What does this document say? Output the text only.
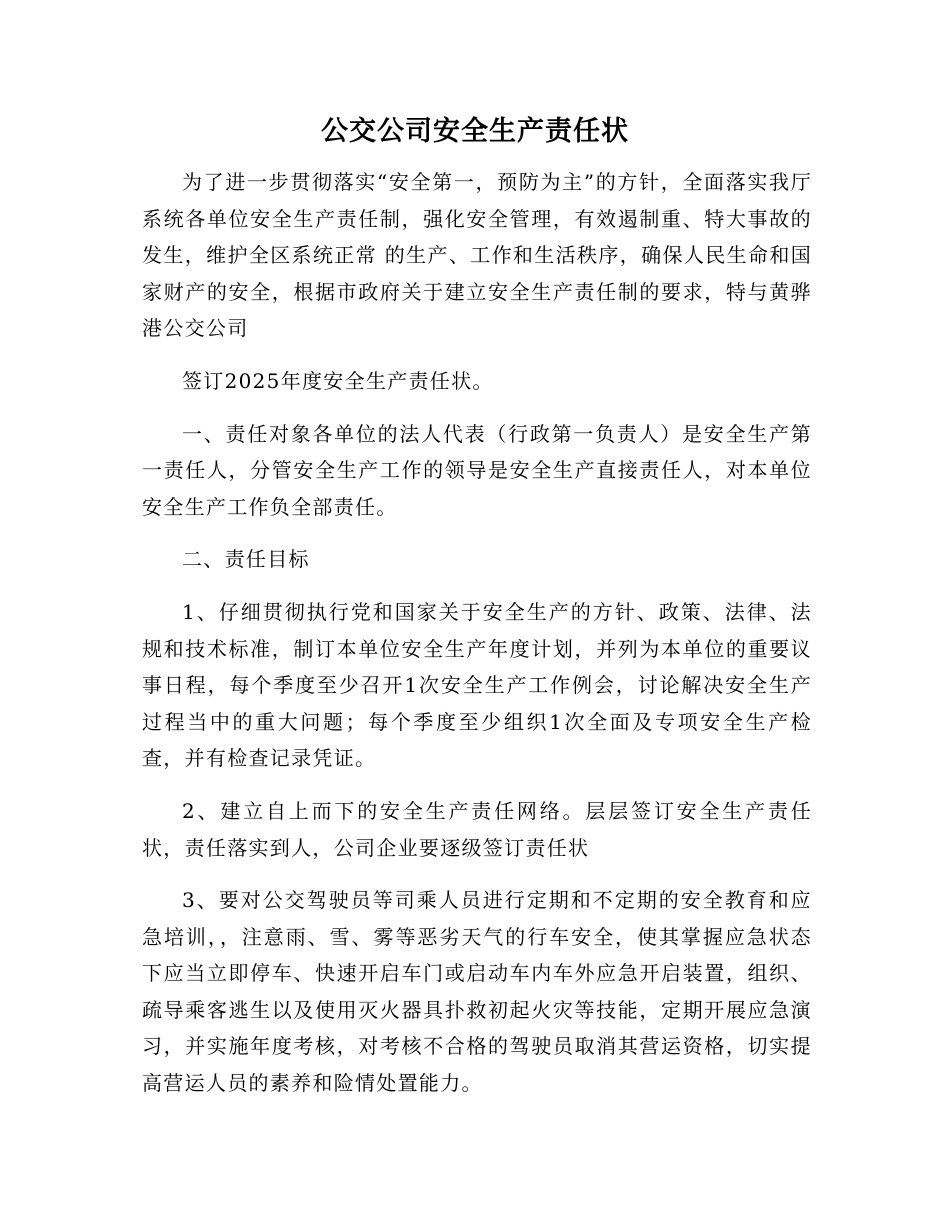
公交公司安全生产责任状

为了进一步贯彻落实“安全第一，预防为主”的方针，全面落实我厅系统各单位安全生产责任制，强化安全管理，有效遏制重、特大事故的发生，维护全区系统正常 的生产、工作和生活秩序，确保人民生命和国家财产的安全，根据市政府关于建立安全生产责任制的要求，特与黄骅港公交公司

签订2025年度安全生产责任状。

一、责任对象各单位的法人代表（行政第一负责人）是安全生产第一责任人，分管安全生产工作的领导是安全生产直接责任人，对本单位安全生产工作负全部责任。

二、责任目标

1、仔细贯彻执行党和国家关于安全生产的方针、政策、法律、法规和技术标准，制订本单位安全生产年度计划，并列为本单位的重要议事日程，每个季度至少召开1次安全生产工作例会，讨论解决安全生产过程当中的重大问题；每个季度至少组织1次全面及专项安全生产检查，并有检查记录凭证。

2、建立自上而下的安全生产责任网络。层层签订安全生产责任状，责任落实到人，公司企业要逐级签订责任状

3、要对公交驾驶员等司乘人员进行定期和不定期的安全教育和应急培训，，注意雨、雪、雾等恶劣天气的行车安全，使其掌握应急状态下应当立即停车、快速开启车门或启动车内车外应急开启装置，组织、疏导乘客逃生以及使用灭火器具扑救初起火灾等技能，定期开展应急演习，并实施年度考核，对考核不合格的驾驶员取消其营运资格，切实提高营运人员的素养和险情处置能力。
